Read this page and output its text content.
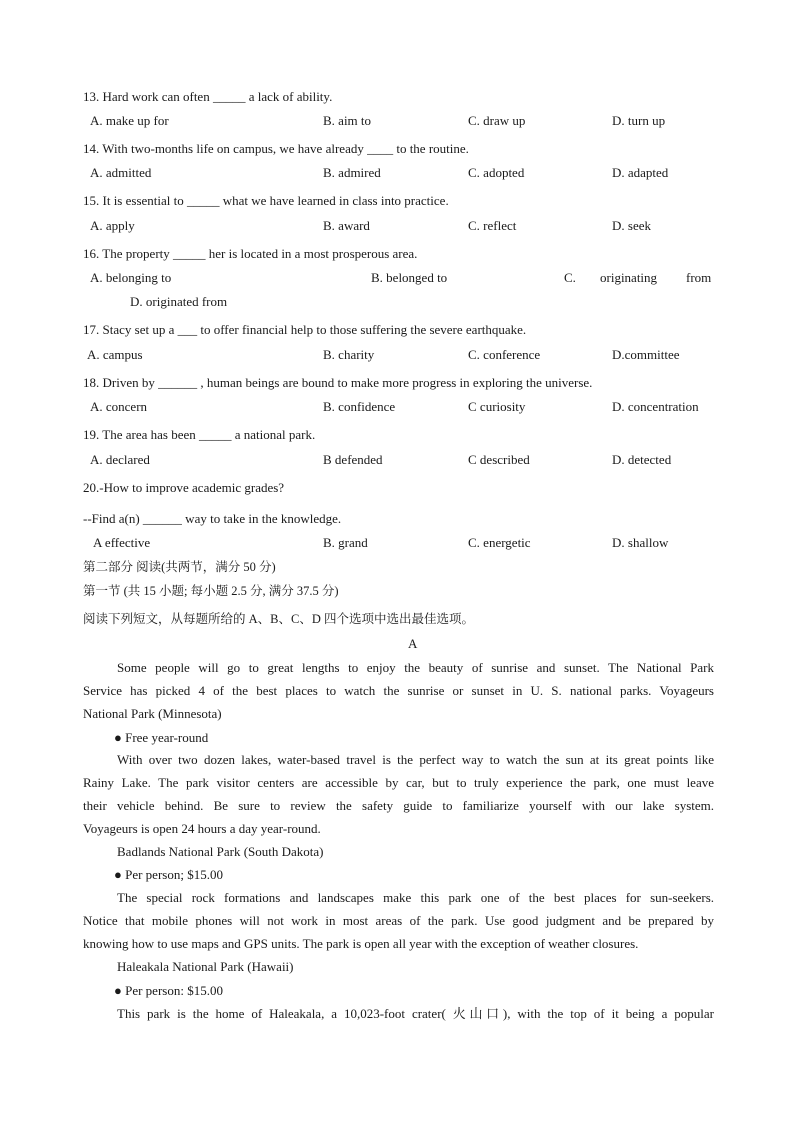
13. Hard work can often _____ a lack of ability.
A. make up for	B. aim to	C. draw up	D. turn up
14. With two-months life on campus, we have already ____ to the routine.
A. admitted	B. admired	C. adopted	D. adapted
15. It is essential to _____ what we have learned in class into practice.
A. apply	B. award	C. reflect	D. seek
16. The property _____ her is located in a most prosperous area.
A. belonging to	B. belonged to	C. originating from
D. originated from
17. Stacy set up a ___ to offer financial help to those suffering the severe earthquake.
A. campus	B. charity	C. conference	D.committee
18. Driven by ______ , human beings are bound to make more progress in exploring the universe.
A. concern	B. confidence	C curiosity	D. concentration
19. The area has been _____ a national park.
A. declared	B defended	C described	D. detected
20.-How to improve academic grades?
--Find a(n) ______ way to take in the knowledge.
A effective	B. grand	C. energetic	D. shallow
第二部分 阅读(共两节，满分 50 分)
第一节 (共 15 小题; 每小题 2.5 分, 满分 37.5 分)
阅读下列短文，从每题所给的 A、B、C、D 四个选项中选出最佳选项。
A
Some people will go to great lengths to enjoy the beauty of sunrise and sunset. The National Park
Service has picked 4 of the best places to watch the sunrise or sunset in U. S. national parks. Voyageurs
National Park (Minnesota)
● Free year-round
With over two dozen lakes, water-based travel is the perfect way to watch the sun at its great points like
Rainy Lake. The park visitor centers are accessible by car, but to truly experience the park, one must leave
their vehicle behind. Be sure to review the safety guide to familiarize yourself with our lake system.
Voyageurs is open 24 hours a day year-round.
Badlands National Park (South Dakota)
● Per person; $15.00
The special rock formations and landscapes make this park one of the best places for sun-seekers.
Notice that mobile phones will not work in most areas of the park. Use good judgment and be prepared by
knowing how to use maps and GPS units. The park is open all year with the exception of weather closures.
Haleakala National Park (Hawaii)
● Per person: $15.00
This park is the home of Haleakala, a 10,023-foot crater( 火山口), with the top of it being a popular
